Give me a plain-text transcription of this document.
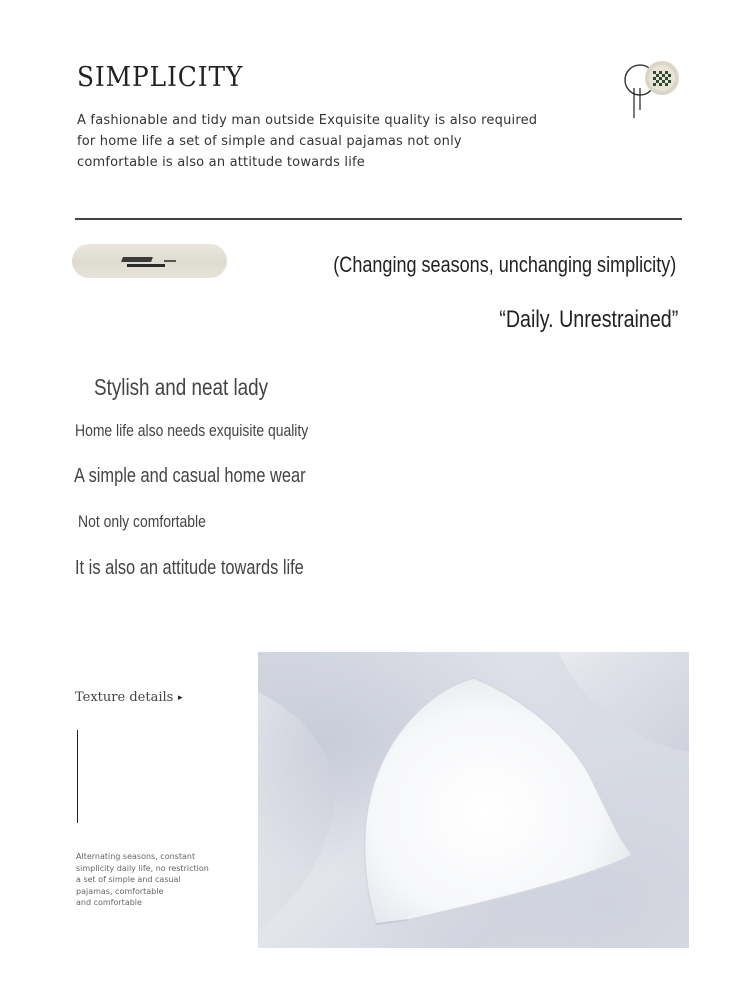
SIMPLICITY

A fashionable and tidy man outside Exquisite quality is also required

for home life a set of simple and casual pajamas not only

comfortable is also an attitude towards life

(Changing seasons, unchanging simplicity)
“Daily. Unrestrained”
Stylish and neat lady
Home life also needs exquisite quality
A simple and casual home wear
Not only comfortable
It is also an attitude towards life
Texture details ▸

Alternating seasons, constant

simplicity daily life, no restriction

a set of simple and casual

pajamas, comfortable

and comfortable
